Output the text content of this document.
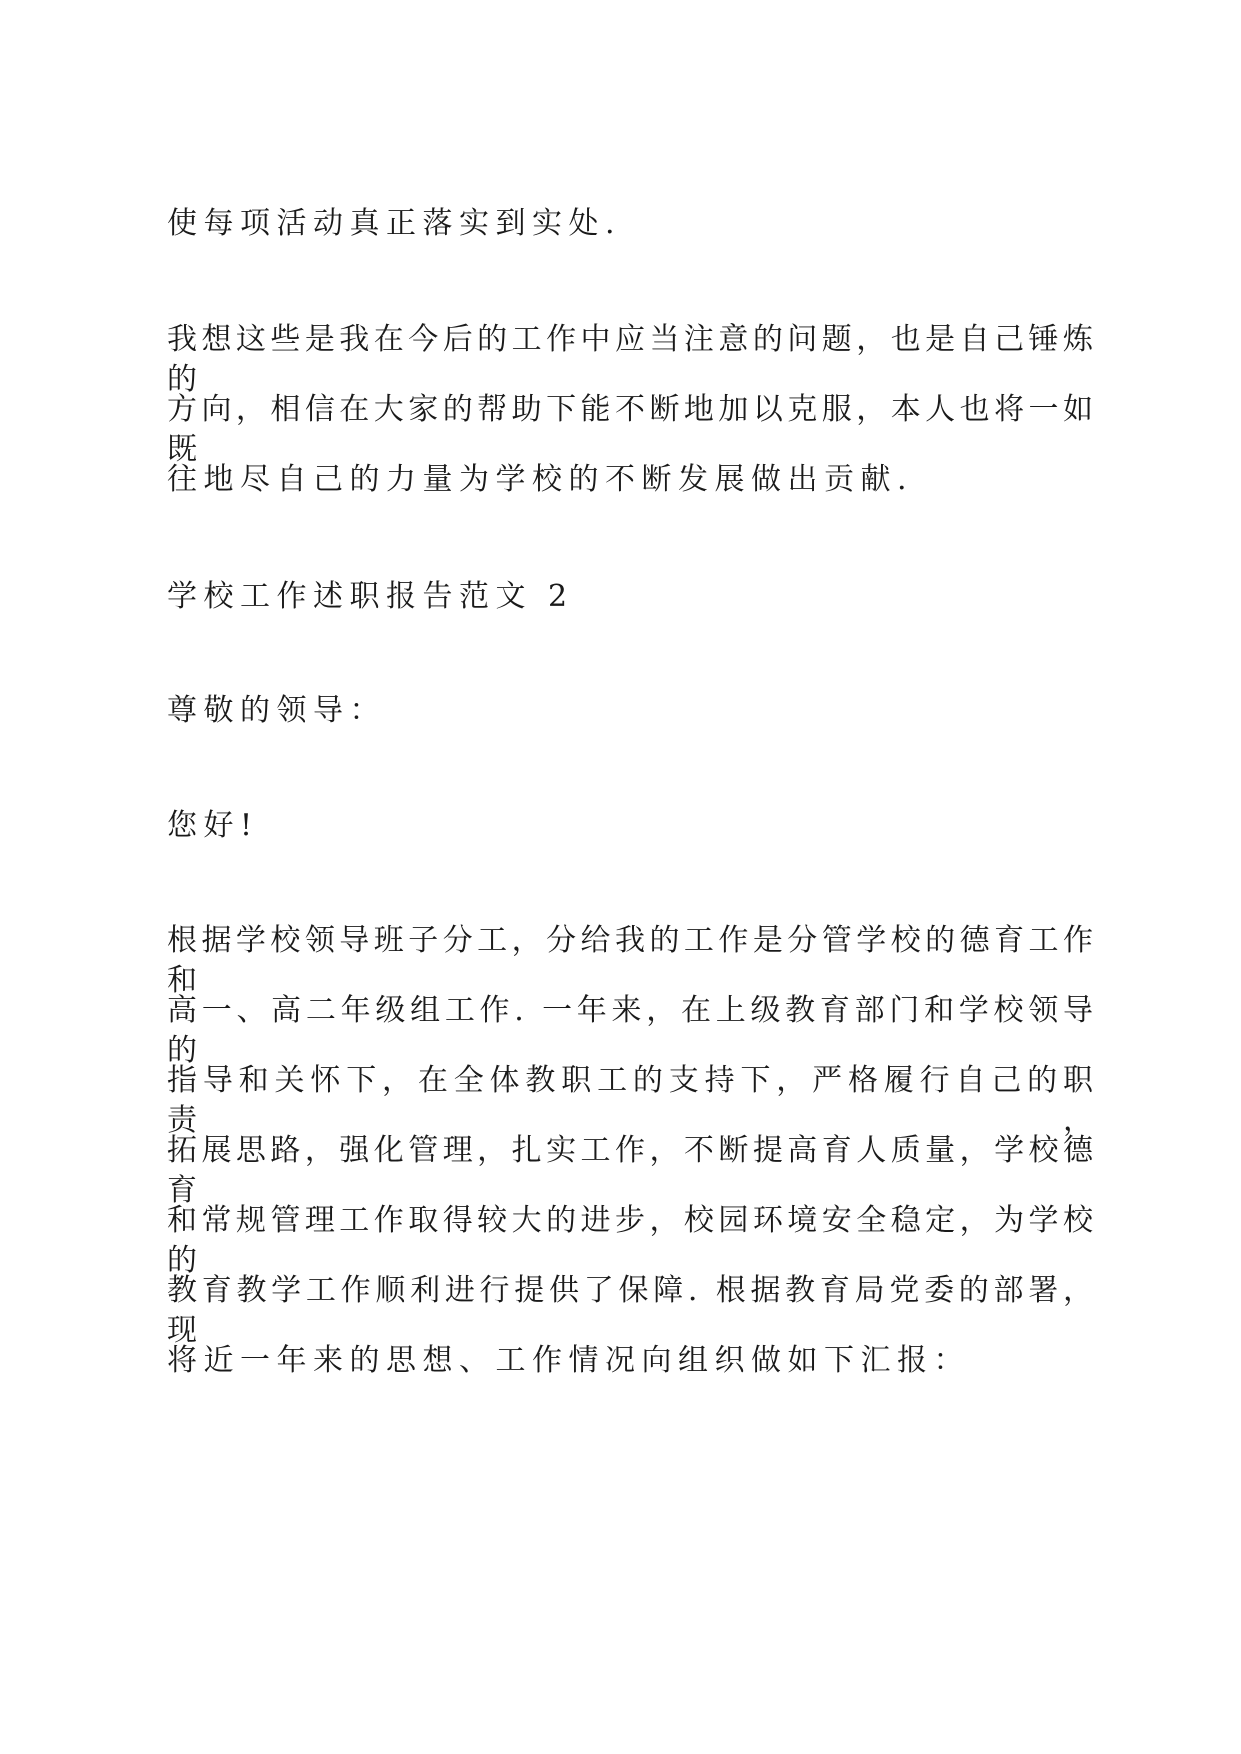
使每项活动真正落实到实处.

我想这些是我在今后的工作中应当注意的问题，也是自己锤炼的

方向，相信在大家的帮助下能不断地加以克服，本人也将一如既

往地尽自己的力量为学校的不断发展做出贡献.

学校工作述职报告范文 2

尊敬的领导：

您好!

根据学校领导班子分工，分给我的工作是分管学校的德育工作和

高一、高二年级组工作. 一年来，在上级教育部门和学校领导的

指导和关怀下，在全体教职工的支持下，严格履行自己的职责，

拓展思路，强化管理，扎实工作，不断提高育人质量，学校德育

和常规管理工作取得较大的进步，校园环境安全稳定，为学校的

教育教学工作顺利进行提供了保障. 根据教育局党委的部署，现

将近一年来的思想、工作情况向组织做如下汇报：
